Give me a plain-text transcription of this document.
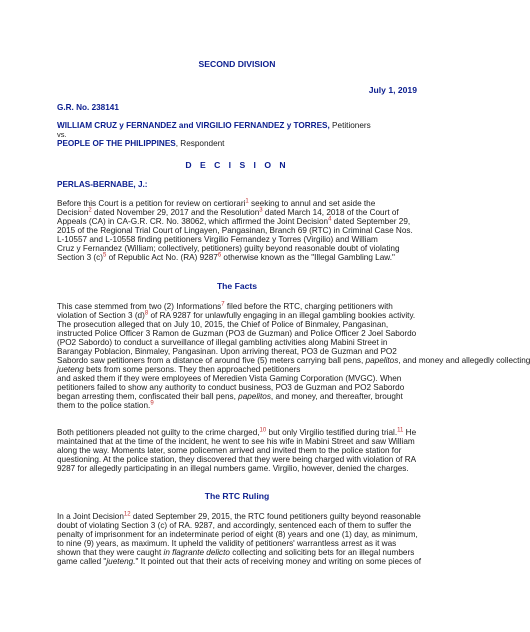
SECOND DIVISION
July 1, 2019
G.R. No. 238141
WILLIAM CRUZ y FERNANDEZ and VIRGILIO FERNANDEZ y TORRES, Petitioners
vs.
PEOPLE OF THE PHILIPPINES, Respondent
D E C I S I O N
PERLAS-BERNABE, J.:
Before this Court is a petition for review on certiorari$^1$ seeking to annul and set aside the
Decision$^2$ dated November 29, 2017 and the Resolution$^3$ dated March 14, 2018 of the Court of
Appeals (CA) in CA-G.R. CR. No. 38062, which affirmed the Joint Decision$^4$ dated September 29,
2015 of the Regional Trial Court of Lingayen, Pangasinan, Branch 69 (RTC) in Criminal Case Nos.
L-10557 and L-10558 finding petitioners Virgilio Fernandez y Torres (Virgilio) and William
Cruz y Fernandez (William; collectively, petitioners) guilty beyond reasonable doubt of violating
Section 3 $(c)^5$ of Republic Act No. (RA) 9287$^6$ otherwise known as the "Illegal Gambling Law."
The Facts
This case stemmed from two (2) Informations$^7$ filed before the RTC, charging petitioners with
violation of Section 3 $(d)^8$ of RA 9287 for unlawfully engaging in an illegal gambling bookies activity.
The prosecution alleged that on July 10, 2015, the Chief of Police of Binmaley, Pangasinan,
instructed Police Officer 3 Ramon de Guzman (PO3 de Guzman) and Police Officer 2 Joel Sabordo
(PO2 Sabordo) to conduct a surveillance of illegal gambling activities along Mabini Street in
Barangay Poblacion, Binmaley, Pangasinan. Upon arriving thereat, PO3 de Guzman and PO2
Sabordo saw petitioners from a distance of around five (5) meters carrying ball pens, papelitos, and money and allegedly collecting
jueteng bets from some persons. They then approached petitioners
and asked them if they were employees of Meredien Vista Gaming Corporation (MVGC). When
petitioners failed to show any authority to conduct business, PO3 de Guzman and PO2 Sabordo
began arresting them, confiscated their ball pens, papelitos, and money, and thereafter, brought
them to the police station.$^9$
Both petitioners pleaded not guilty to the crime charged,$^{10}$ but only Virgilio testified during trial.$^{11}$ He
maintained that at the time of the incident, he went to see his wife in Mabini Street and saw William
along the way. Moments later, some policemen arrived and invited them to the police station for
questioning. At the police station, they discovered that they were being charged with violation of RA
9287 for allegedly participating in an illegal numbers game. Virgilio, however, denied the charges.
The RTC Ruling
In a Joint Decision$^{12}$ dated September 29, 2015, the RTC found petitioners guilty beyond reasonable
doubt of violating Section 3 (c) of RA. 9287, and accordingly, sentenced each of them to suffer the
penalty of imprisonment for an indeterminate period of eight (8) years and one (1) day, as minimum,
to nine (9) years, as maximum. It upheld the validity of petitioners' warrantless arrest as it was
shown that they were caught in flagrante delicto collecting and soliciting bets for an illegal numbers
game called "jueteng." It pointed out that their acts of receiving money and writing on some pieces of
